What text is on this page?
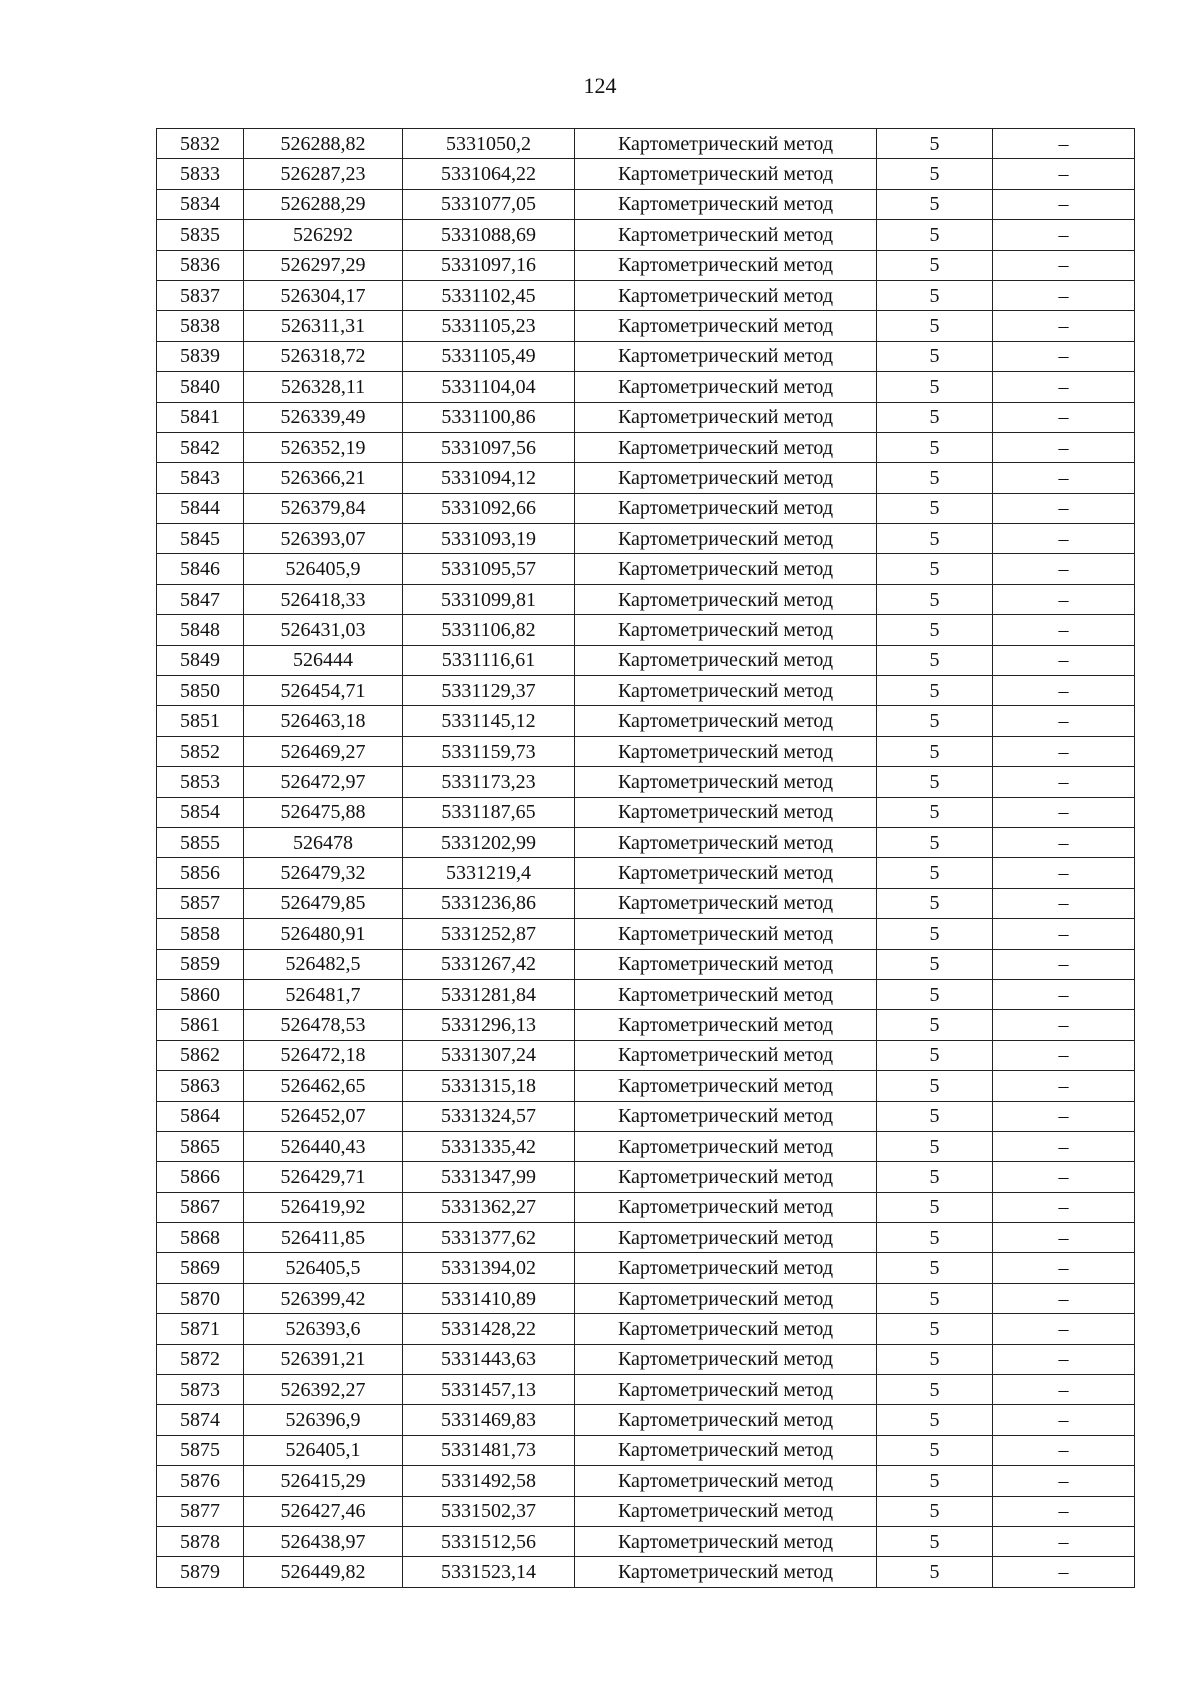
124
5832	526288,82	5331050,2	Картометрический метод	5	–
5833	526287,23	5331064,22	Картометрический метод	5	–
5834	526288,29	5331077,05	Картометрический метод	5	–
5835	526292	5331088,69	Картометрический метод	5	–
5836	526297,29	5331097,16	Картометрический метод	5	–
5837	526304,17	5331102,45	Картометрический метод	5	–
5838	526311,31	5331105,23	Картометрический метод	5	–
5839	526318,72	5331105,49	Картометрический метод	5	–
5840	526328,11	5331104,04	Картометрический метод	5	–
5841	526339,49	5331100,86	Картометрический метод	5	–
5842	526352,19	5331097,56	Картометрический метод	5	–
5843	526366,21	5331094,12	Картометрический метод	5	–
5844	526379,84	5331092,66	Картометрический метод	5	–
5845	526393,07	5331093,19	Картометрический метод	5	–
5846	526405,9	5331095,57	Картометрический метод	5	–
5847	526418,33	5331099,81	Картометрический метод	5	–
5848	526431,03	5331106,82	Картометрический метод	5	–
5849	526444	5331116,61	Картометрический метод	5	–
5850	526454,71	5331129,37	Картометрический метод	5	–
5851	526463,18	5331145,12	Картометрический метод	5	–
5852	526469,27	5331159,73	Картометрический метод	5	–
5853	526472,97	5331173,23	Картометрический метод	5	–
5854	526475,88	5331187,65	Картометрический метод	5	–
5855	526478	5331202,99	Картометрический метод	5	–
5856	526479,32	5331219,4	Картометрический метод	5	–
5857	526479,85	5331236,86	Картометрический метод	5	–
5858	526480,91	5331252,87	Картометрический метод	5	–
5859	526482,5	5331267,42	Картометрический метод	5	–
5860	526481,7	5331281,84	Картометрический метод	5	–
5861	526478,53	5331296,13	Картометрический метод	5	–
5862	526472,18	5331307,24	Картометрический метод	5	–
5863	526462,65	5331315,18	Картометрический метод	5	–
5864	526452,07	5331324,57	Картометрический метод	5	–
5865	526440,43	5331335,42	Картометрический метод	5	–
5866	526429,71	5331347,99	Картометрический метод	5	–
5867	526419,92	5331362,27	Картометрический метод	5	–
5868	526411,85	5331377,62	Картометрический метод	5	–
5869	526405,5	5331394,02	Картометрический метод	5	–
5870	526399,42	5331410,89	Картометрический метод	5	–
5871	526393,6	5331428,22	Картометрический метод	5	–
5872	526391,21	5331443,63	Картометрический метод	5	–
5873	526392,27	5331457,13	Картометрический метод	5	–
5874	526396,9	5331469,83	Картометрический метод	5	–
5875	526405,1	5331481,73	Картометрический метод	5	–
5876	526415,29	5331492,58	Картометрический метод	5	–
5877	526427,46	5331502,37	Картометрический метод	5	–
5878	526438,97	5331512,56	Картометрический метод	5	–
5879	526449,82	5331523,14	Картометрический метод	5	–
